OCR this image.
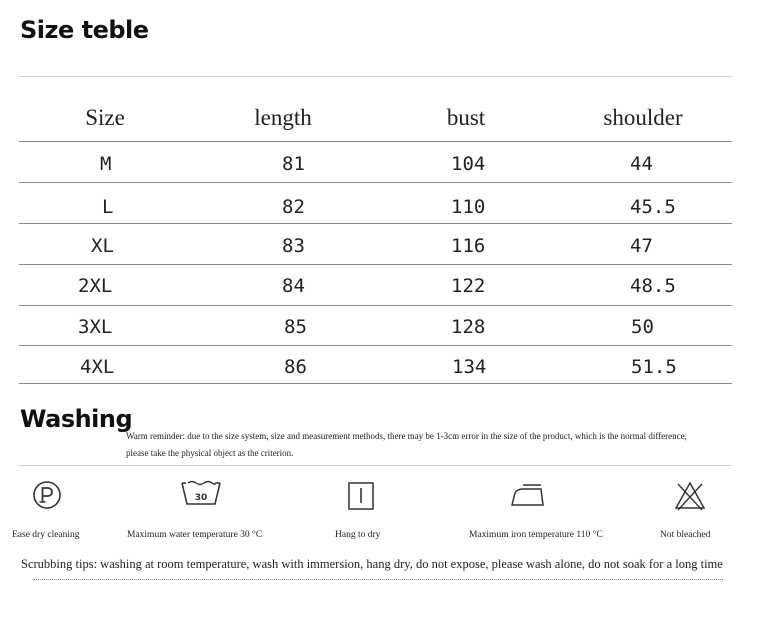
Size teble
Size	length	bust	shoulder
M	81	104	44
L	82	110	45.5
XL	83	116	47
2XL	84	122	48.5
3XL	85	128	50
4XL	86	134	51.5
Washing
Warm reminder: due to the size system, size and measurement methods, there may be 1-3cm error in the size of the product, which is the normal difference,
please take the physical object as the criterion.
Ease dry cleaning
30
Maximum water temperature 30 °C	Hang to dry	Maximum iron temperature 110 °C	Not bleached
Scrubbing tips: washing at room temperature, wash with immersion, hang dry, do not expose, please wash alone, do not soak for a long time
